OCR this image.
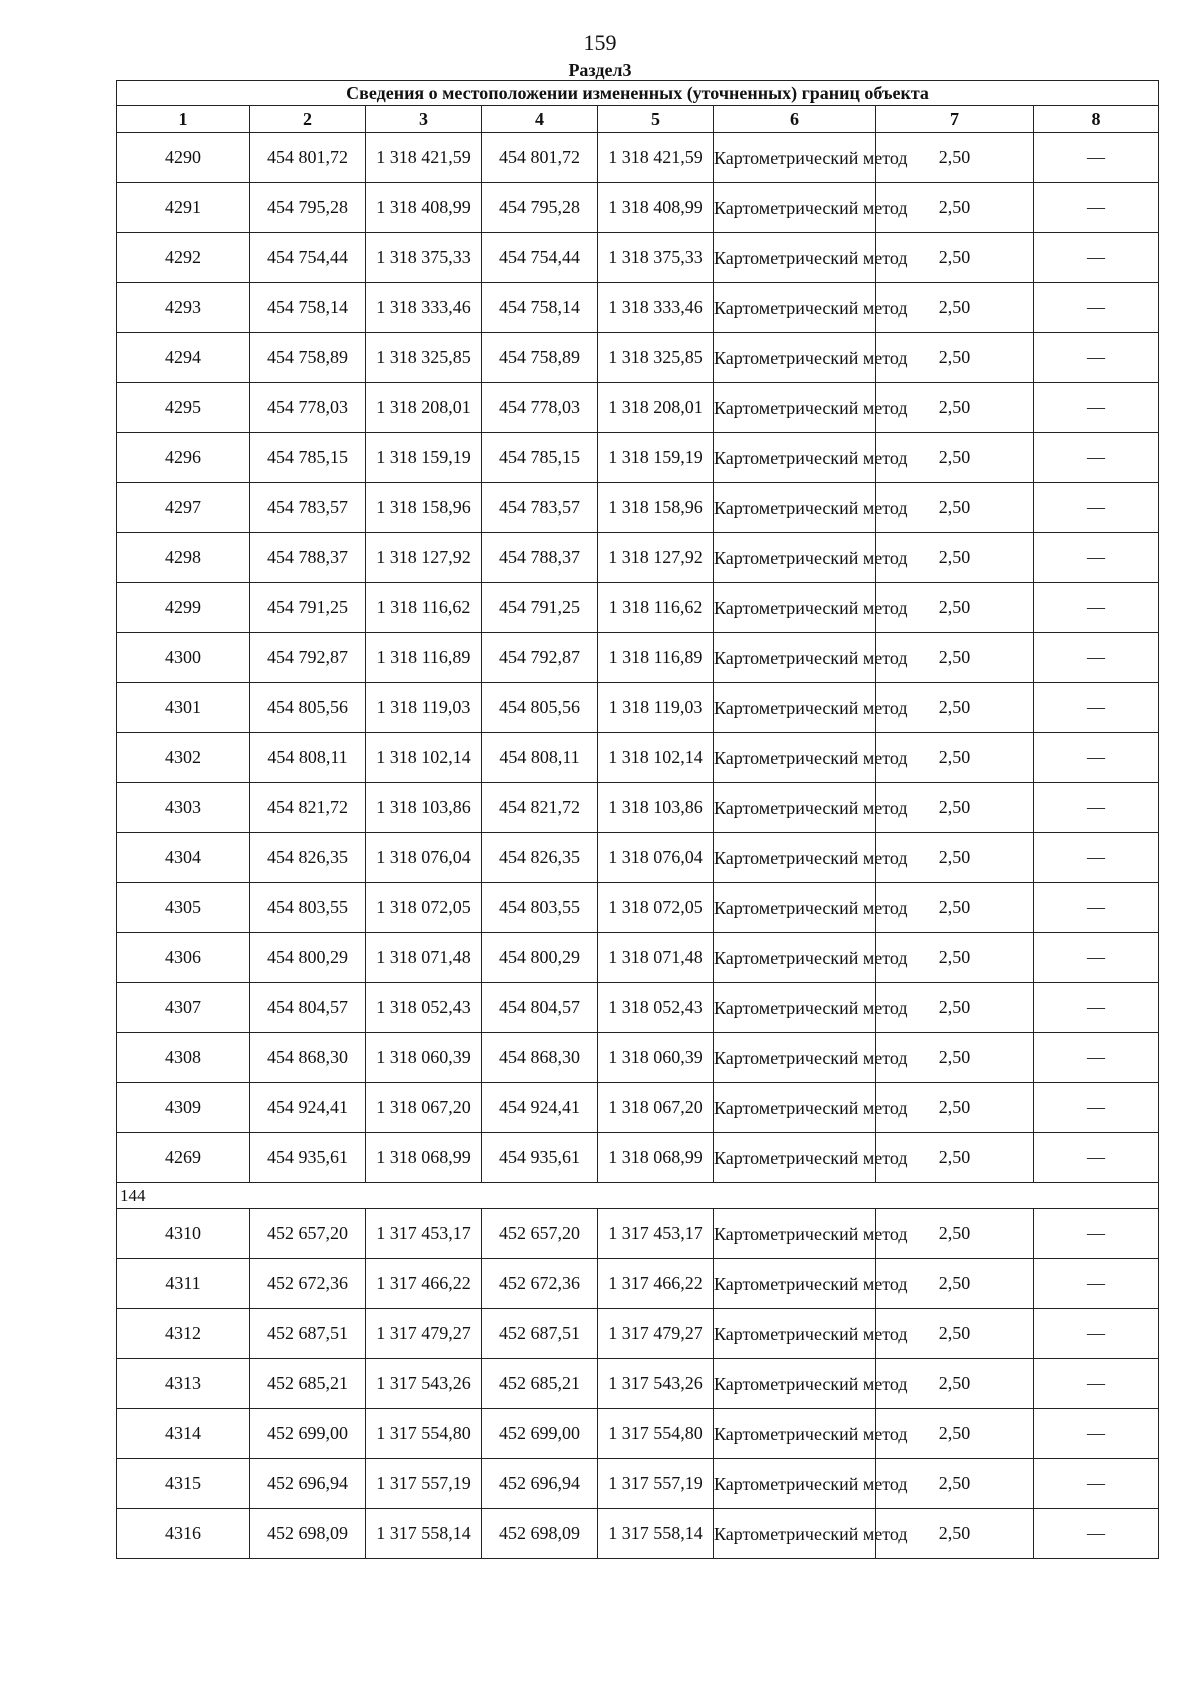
159
Раздел3
Сведения о местоположении измененных (уточненных) границ объекта							
1	2	3	4	5	6	7	8
4290	454 801,72	1 318 421,59	454 801,72	1 318 421,59	Картометрический метод	2,50	—
4291	454 795,28	1 318 408,99	454 795,28	1 318 408,99	Картометрический метод	2,50	—
4292	454 754,44	1 318 375,33	454 754,44	1 318 375,33	Картометрический метод	2,50	—
4293	454 758,14	1 318 333,46	454 758,14	1 318 333,46	Картометрический метод	2,50	—
4294	454 758,89	1 318 325,85	454 758,89	1 318 325,85	Картометрический метод	2,50	—
4295	454 778,03	1 318 208,01	454 778,03	1 318 208,01	Картометрический метод	2,50	—
4296	454 785,15	1 318 159,19	454 785,15	1 318 159,19	Картометрический метод	2,50	—
4297	454 783,57	1 318 158,96	454 783,57	1 318 158,96	Картометрический метод	2,50	—
4298	454 788,37	1 318 127,92	454 788,37	1 318 127,92	Картометрический метод	2,50	—
4299	454 791,25	1 318 116,62	454 791,25	1 318 116,62	Картометрический метод	2,50	—
4300	454 792,87	1 318 116,89	454 792,87	1 318 116,89	Картометрический метод	2,50	—
4301	454 805,56	1 318 119,03	454 805,56	1 318 119,03	Картометрический метод	2,50	—
4302	454 808,11	1 318 102,14	454 808,11	1 318 102,14	Картометрический метод	2,50	—
4303	454 821,72	1 318 103,86	454 821,72	1 318 103,86	Картометрический метод	2,50	—
4304	454 826,35	1 318 076,04	454 826,35	1 318 076,04	Картометрический метод	2,50	—
4305	454 803,55	1 318 072,05	454 803,55	1 318 072,05	Картометрический метод	2,50	—
4306	454 800,29	1 318 071,48	454 800,29	1 318 071,48	Картометрический метод	2,50	—
4307	454 804,57	1 318 052,43	454 804,57	1 318 052,43	Картометрический метод	2,50	—
4308	454 868,30	1 318 060,39	454 868,30	1 318 060,39	Картометрический метод	2,50	—
4309	454 924,41	1 318 067,20	454 924,41	1 318 067,20	Картометрический метод	2,50	—
4269	454 935,61	1 318 068,99	454 935,61	1 318 068,99	Картометрический метод	2,50	—
144							
4310	452 657,20	1 317 453,17	452 657,20	1 317 453,17	Картометрический метод	2,50	—
4311	452 672,36	1 317 466,22	452 672,36	1 317 466,22	Картометрический метод	2,50	—
4312	452 687,51	1 317 479,27	452 687,51	1 317 479,27	Картометрический метод	2,50	—
4313	452 685,21	1 317 543,26	452 685,21	1 317 543,26	Картометрический метод	2,50	—
4314	452 699,00	1 317 554,80	452 699,00	1 317 554,80	Картометрический метод	2,50	—
4315	452 696,94	1 317 557,19	452 696,94	1 317 557,19	Картометрический метод	2,50	—
4316	452 698,09	1 317 558,14	452 698,09	1 317 558,14	Картометрический метод	2,50	—
